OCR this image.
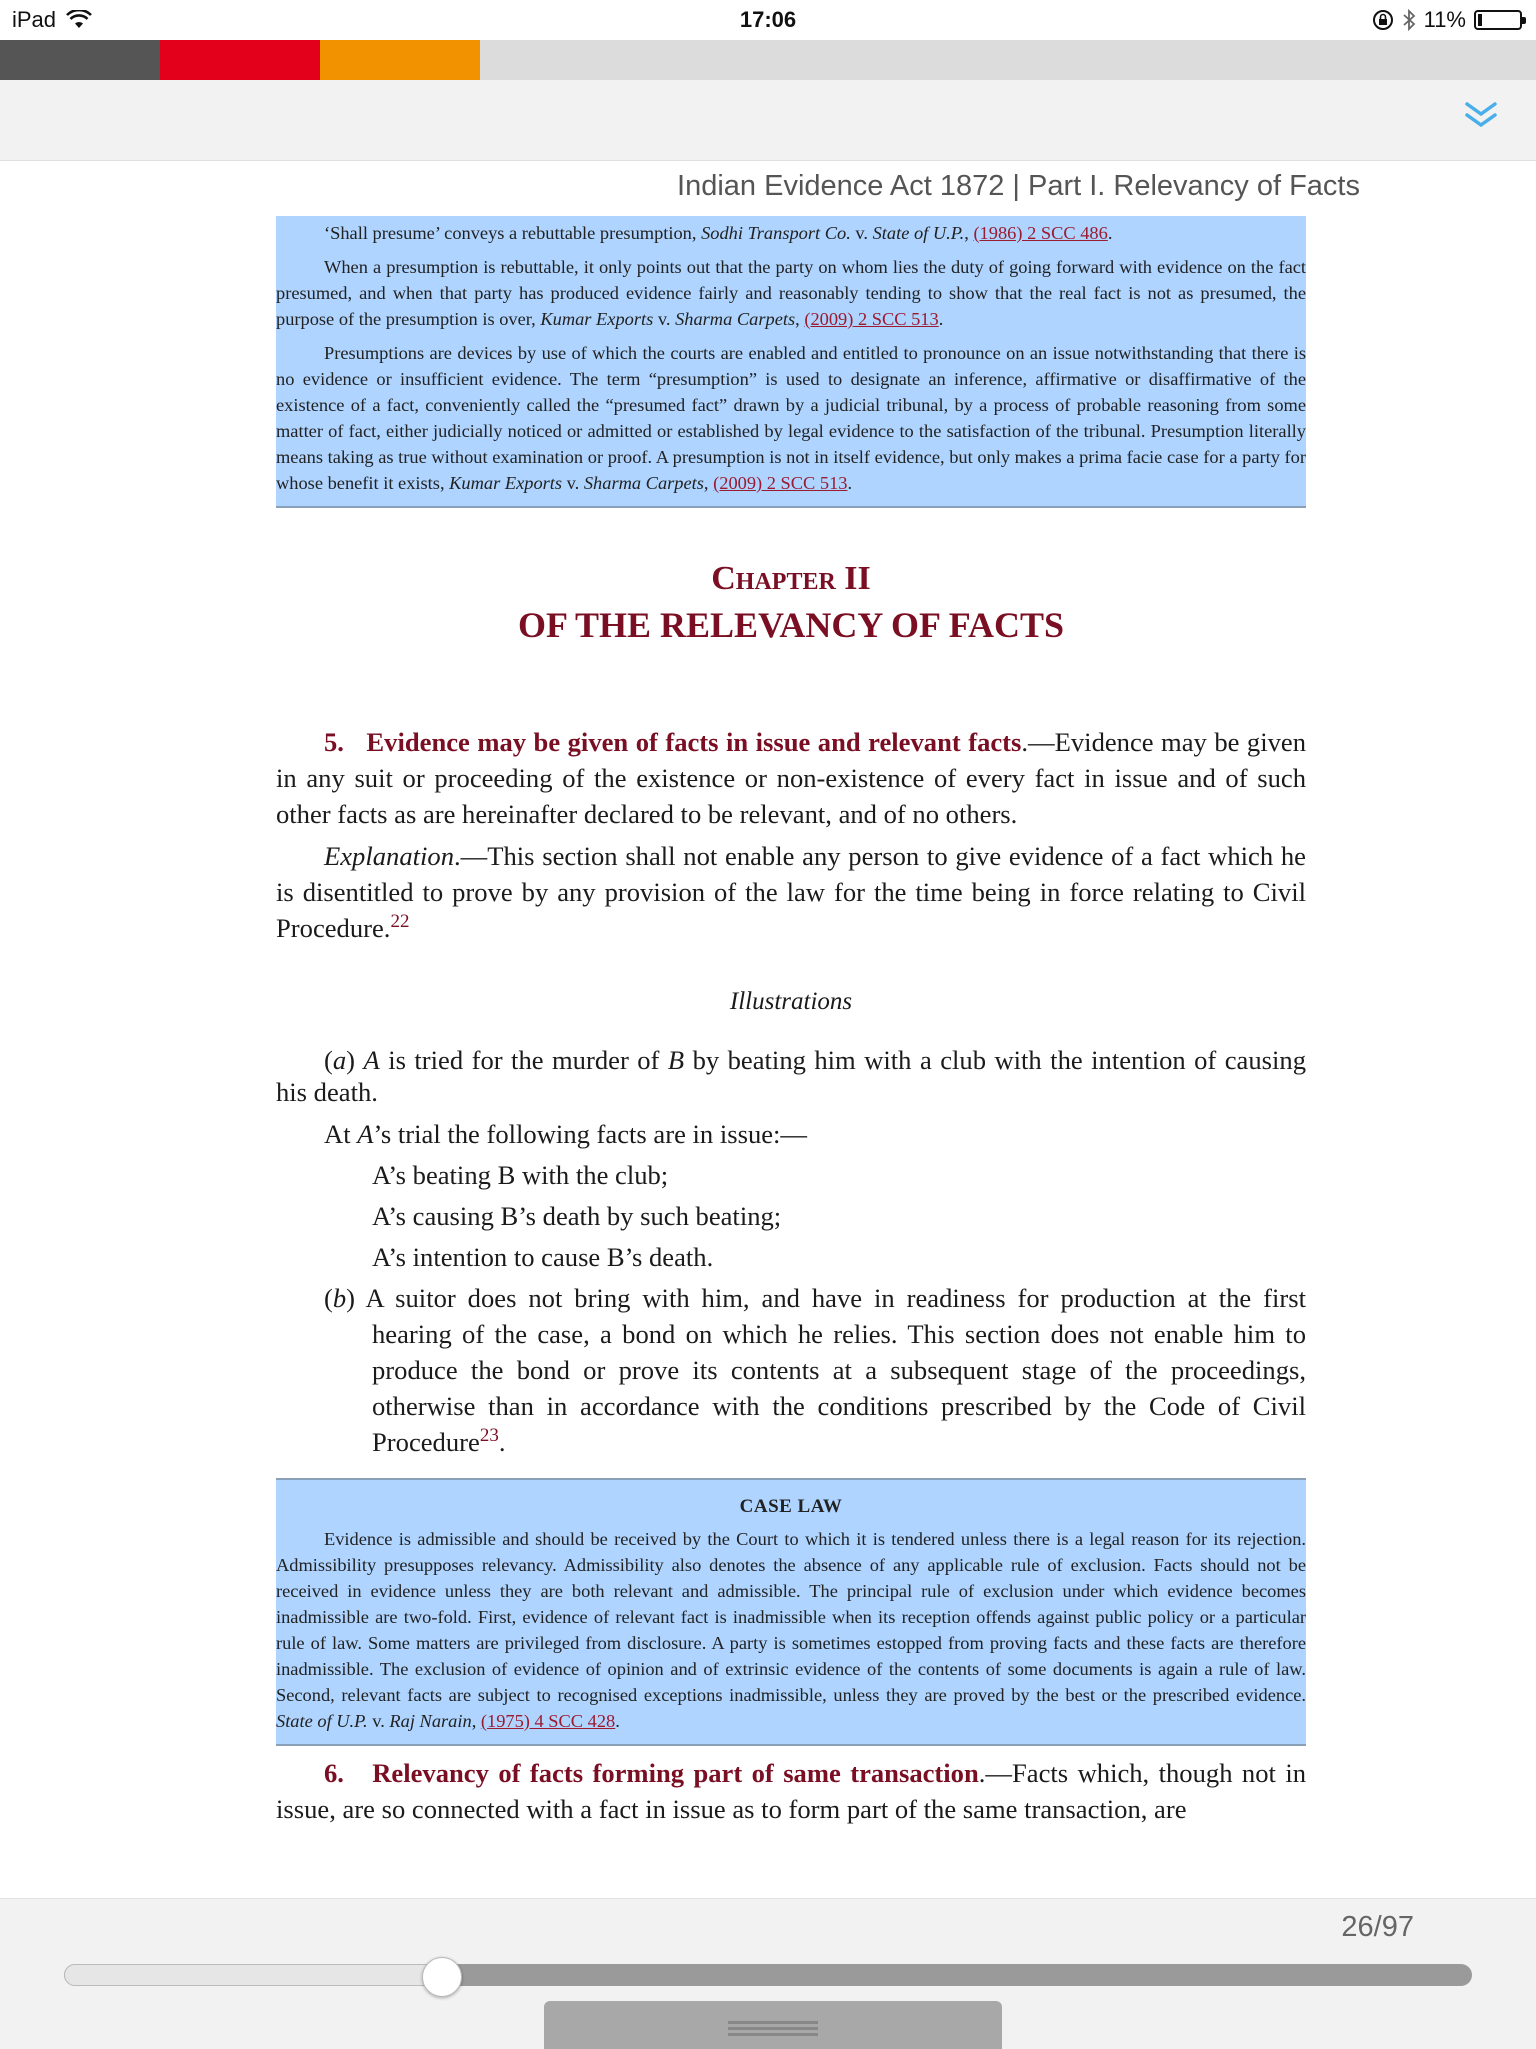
iPad	17:06	11%
Indian Evidence Act 1872 | Part I. Relevancy of Facts

‘Shall presume’ conveys a rebuttable presumption, Sodhi Transport Co. v. State of U.P., (1986) 2 SCC 486.

When a presumption is rebuttable, it only points out that the party on whom lies the duty of going forward with evidence on the fact presumed, and when that party has produced evidence fairly and reasonably tending to show that the real fact is not as presumed, the purpose of the presumption is over, Kumar Exports v. Sharma Carpets, (2009) 2 SCC 513.

Presumptions are devices by use of which the courts are enabled and entitled to pronounce on an issue notwithstanding that there is no evidence or insufficient evidence. The term “presumption” is used to designate an inference, affirmative or disaffirmative of the existence of a fact, conveniently called the “presumed fact” drawn by a judicial tribunal, by a process of probable reasoning from some matter of fact, either judicially noticed or admitted or established by legal evidence to the satisfaction of the tribunal. Presumption literally means taking as true without examination or proof. A presumption is not in itself evidence, but only makes a prima facie case for a party for whose benefit it exists, Kumar Exports v. Sharma Carpets, (2009) 2 SCC 513.

Chapter II
OF THE RELEVANCY OF FACTS

5. Evidence may be given of facts in issue and relevant facts.—Evidence may be given in any suit or proceeding of the existence or non-existence of every fact in issue and of such other facts as are hereinafter declared to be relevant, and of no others.

Explanation.—This section shall not enable any person to give evidence of a fact which he is disentitled to prove by any provision of the law for the time being in force relating to Civil Procedure.$^{22}$

Illustrations

(a) A is tried for the murder of B by beating him with a club with the intention of causing his death.

At A’s trial the following facts are in issue:—

A’s beating B with the club;

A’s causing B’s death by such beating;

A’s intention to cause B’s death.

(b) A suitor does not bring with him, and have in readiness for production at the first hearing of the case, a bond on which he relies. This section does not enable him to produce the bond or prove its contents at a subsequent stage of the proceedings, otherwise than in accordance with the conditions prescribed by the Code of Civil Procedure$^{23}$.

CASE LAW

Evidence is admissible and should be received by the Court to which it is tendered unless there is a legal reason for its rejection. Admissibility presupposes relevancy. Admissibility also denotes the absence of any applicable rule of exclusion. Facts should not be received in evidence unless they are both relevant and admissible. The principal rule of exclusion under which evidence becomes inadmissible are two-fold. First, evidence of relevant fact is inadmissible when its reception offends against public policy or a particular rule of law. Some matters are privileged from disclosure. A party is sometimes estopped from proving facts and these facts are therefore inadmissible. The exclusion of evidence of opinion and of extrinsic evidence of the contents of some documents is again a rule of law. Second, relevant facts are subject to recognised exceptions inadmissible, unless they are proved by the best or the prescribed evidence. State of U.P. v. Raj Narain, (1975) 4 SCC 428.

6. Relevancy of facts forming part of same transaction.—Facts which, though not in issue, are so connected with a fact in issue as to form part of the same transaction, are

26/97
